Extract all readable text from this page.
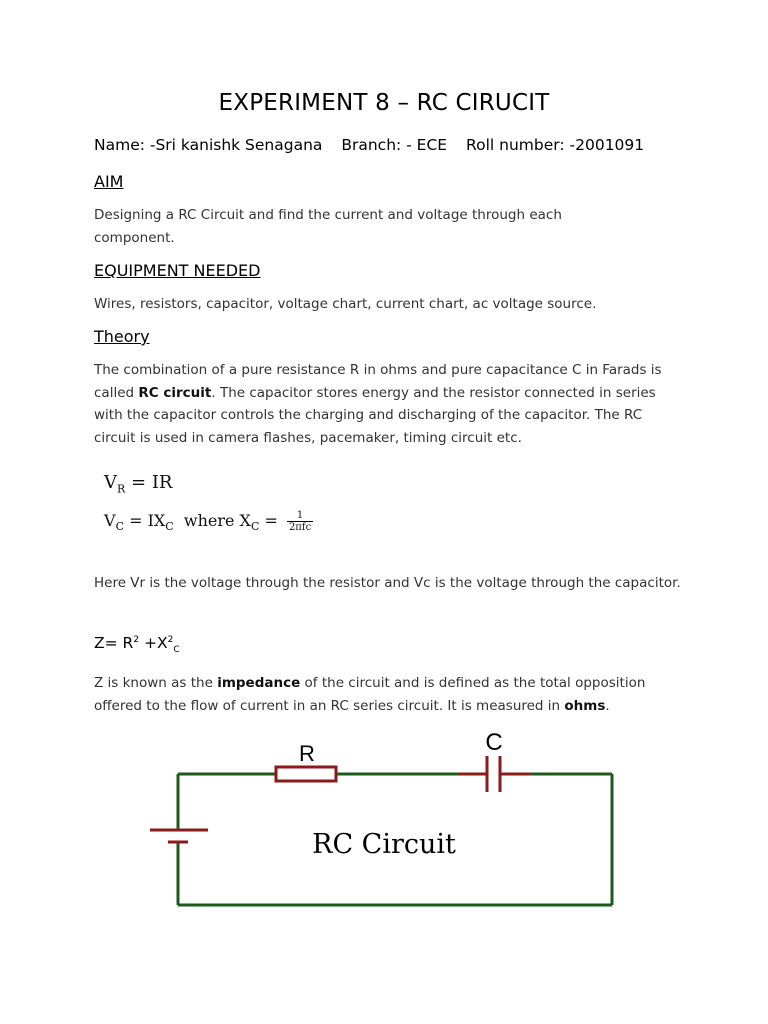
EXPERIMENT 8 – RC CIRUCIT
Name: -Sri kanishk Senagana Branch: - ECE Roll number: -2001091
AIM
Designing a RC Circuit and find the current and voltage through each component.
EQUIPMENT NEEDED
Wires, resistors, capacitor, voltage chart, current chart, ac voltage source.
Theory
The combination of a pure resistance R in ohms and pure capacitance C in Farads is called RC circuit. The capacitor stores energy and the resistor connected in series with the capacitor controls the charging and discharging of the capacitor. The RC circuit is used in camera flashes, pacemaker, timing circuit etc.
$V_R$ = IR
$V_C = IX_C$  where $X_C = \frac{1}{\text{2πfc}}$
Here Vr is the voltage through the resistor and Vc is the voltage through the capacitor.
$Z= R^2 +X^2_C$
Z is known as the impedance of the circuit and is defined as the total opposition offered to the flow of current in an RC series circuit. It is measured in ohms.
R	C
RC Circuit
